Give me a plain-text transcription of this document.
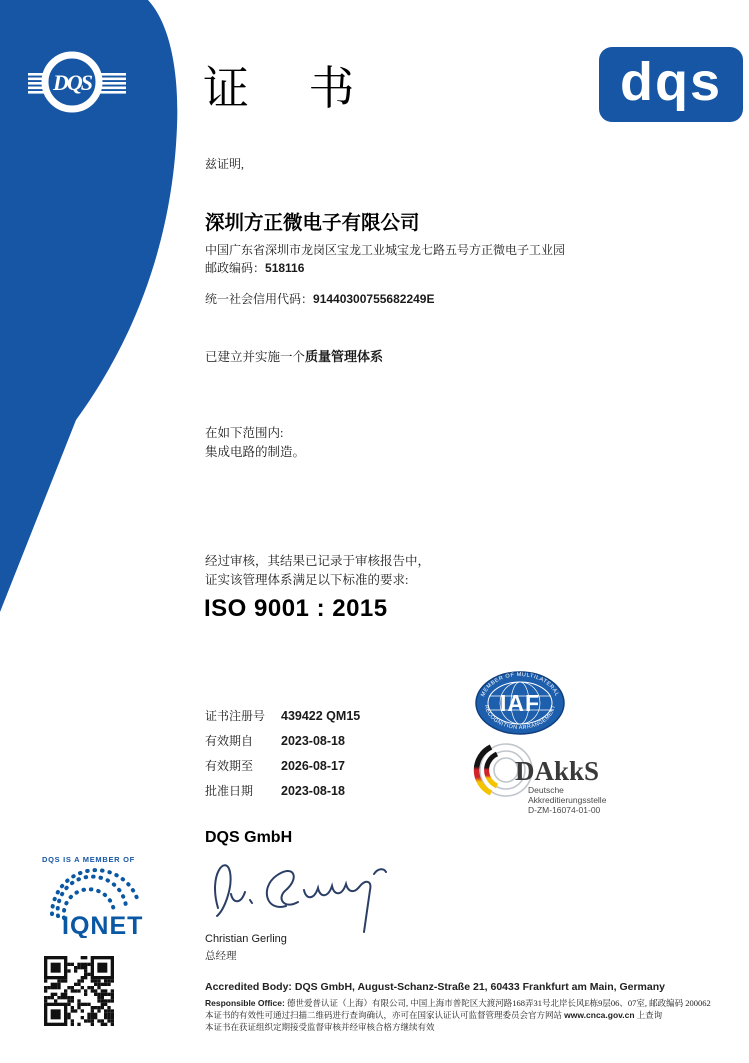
DQS	dqs
证 书
兹证明,
深圳方正微电子有限公司
中国广东省深圳市龙岗区宝龙工业城宝龙七路五号方正微电子工业园
邮政编码：518116
统一社会信用代码：91440300755682249E
已建立并实施一个质量管理体系
在如下范围内:
集成电路的制造。
经过审核，其结果已记录于审核报告中，
证实该管理体系满足以下标准的要求:
ISO 9001 : 2015
证书注册号 439422 QM15
有效期自 2023-08-18
有效期至 2026-08-17
批准日期 2023-08-18
MEMBER OF MULTILATERAL
RECOGNITION ARRANGEMENT
IAF
DAkkS
Deutsche
Akkreditierungsstelle
D-ZM-16074-01-00
DQS GmbH
Christian Gerling
总经理
DQS IS A MEMBER OF
IQNET
Accredited Body: DQS GmbH, August-Schanz-Straße 21, 60433 Frankfurt am Main, Germany
Responsible Office: 德世爱普认证（上海）有限公司, 中国上海市普陀区大渡河路168弄31号北岸长风E栋9层06、07室, 邮政编码 200062
本证书的有效性可通过扫描二维码进行查询确认，亦可在国家认证认可监督管理委员会官方网站 www.cnca.gov.cn 上查询
本证书在获证组织定期接受监督审核并经审核合格方继续有效
